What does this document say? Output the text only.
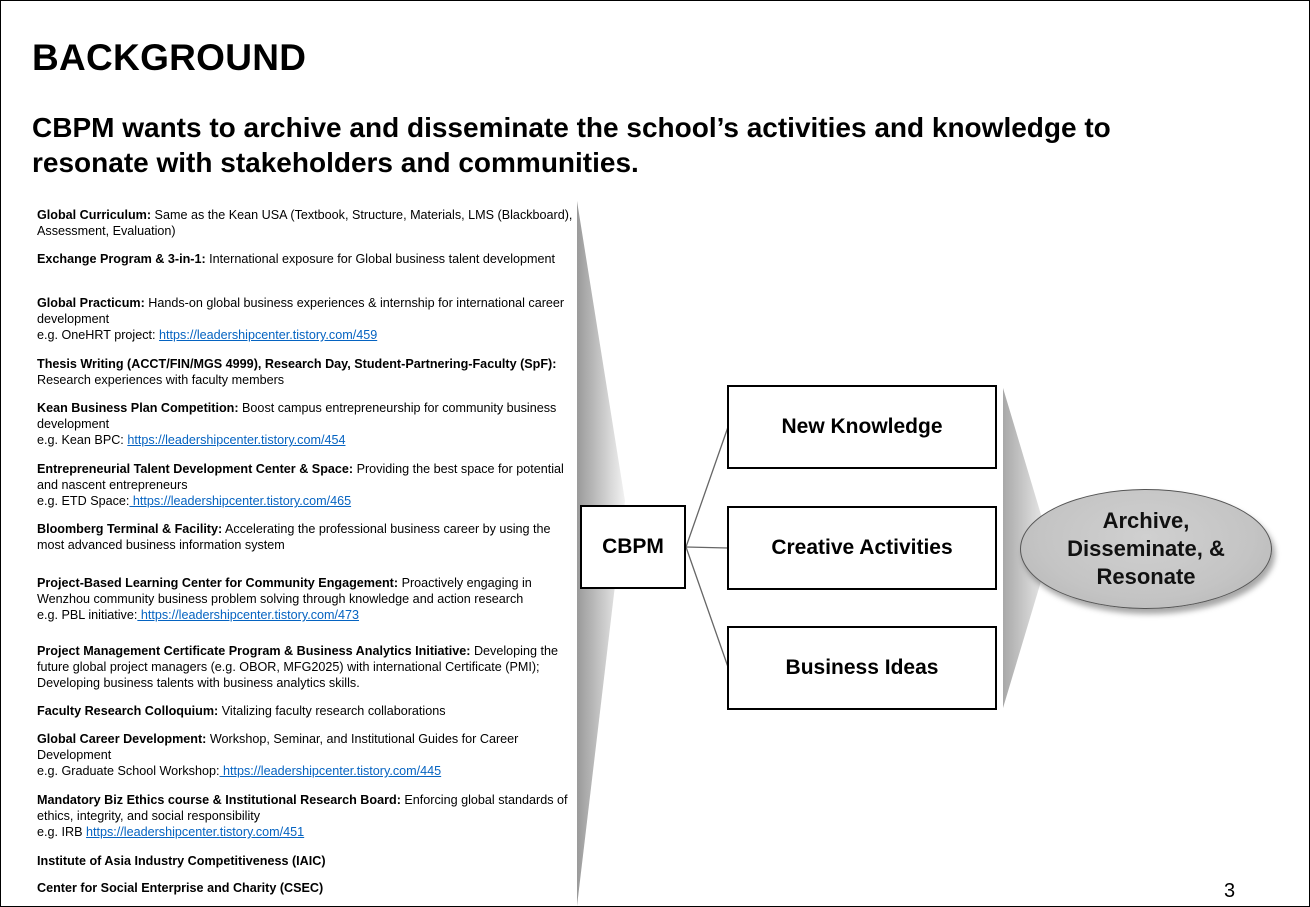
BACKGROUND
CBPM wants to archive and disseminate the school’s activities and knowledge to resonate with stakeholders and communities.
Global Curriculum: Same as the Kean USA (Textbook, Structure, Materials, LMS (Blackboard), Assessment, Evaluation)
Exchange Program & 3-in-1: International exposure for Global business talent development
Global Practicum: Hands-on global business experiences & internship for international career development
e.g. OneHRT project: https://leadershipcenter.tistory.com/459
Thesis Writing (ACCT/FIN/MGS 4999), Research Day, Student-Partnering-Faculty (SpF): Research experiences with faculty members
Kean Business Plan Competition: Boost campus entrepreneurship for community business development
e.g. Kean BPC: https://leadershipcenter.tistory.com/454
Entrepreneurial Talent Development Center & Space: Providing the best space for potential and nascent entrepreneurs
e.g. ETD Space: https://leadershipcenter.tistory.com/465
Bloomberg Terminal & Facility: Accelerating the professional business career by using the most advanced business information system
Project-Based Learning Center for Community Engagement: Proactively engaging in Wenzhou community business problem solving through knowledge and action research
e.g. PBL initiative: https://leadershipcenter.tistory.com/473
Project Management Certificate Program & Business Analytics Initiative: Developing the future global project managers (e.g. OBOR, MFG2025) with international Certificate (PMI); Developing business talents with business analytics skills.
Faculty Research Colloquium: Vitalizing faculty research collaborations
Global Career Development: Workshop, Seminar, and Institutional Guides for Career Development
e.g. Graduate School Workshop: https://leadershipcenter.tistory.com/445
Mandatory Biz Ethics course & Institutional Research Board: Enforcing global standards of ethics, integrity, and social responsibility
e.g. IRB https://leadershipcenter.tistory.com/451
Institute of Asia Industry Competitiveness (IAIC)
Center for Social Enterprise and Charity (CSEC)
CBPM
New Knowledge
Creative Activities
Business Ideas
Archive, Disseminate, & Resonate
3
